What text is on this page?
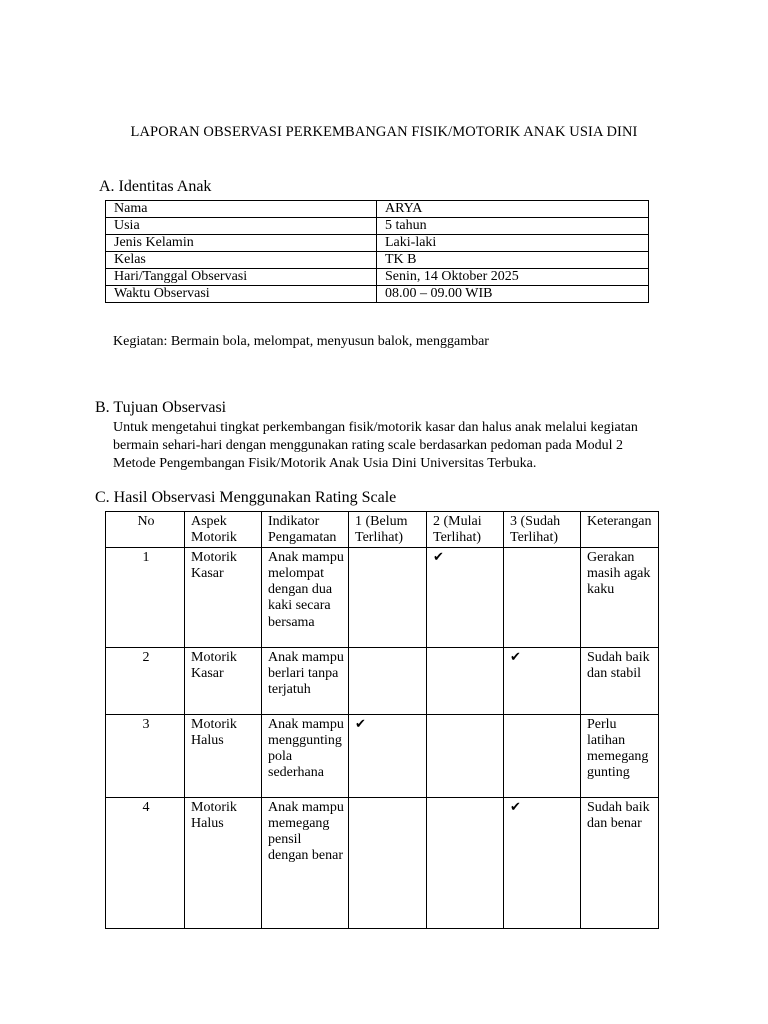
LAPORAN OBSERVASI PERKEMBANGAN FISIK/MOTORIK ANAK USIA DINI
A. Identitas Anak
Nama	ARYA
Usia	5 tahun
Jenis Kelamin	Laki-laki
Kelas	TK B
Hari/Tanggal Observasi	Senin, 14 Oktober 2025
Waktu Observasi	08.00 – 09.00 WIB
Kegiatan: Bermain bola, melompat, menyusun balok, menggambar
B. Tujuan Observasi
Untuk mengetahui tingkat perkembangan fisik/motorik kasar dan halus anak melalui kegiatan bermain sehari-hari dengan menggunakan rating scale berdasarkan pedoman pada Modul 2 Metode Pengembangan Fisik/Motorik Anak Usia Dini Universitas Terbuka.
C. Hasil Observasi Menggunakan Rating Scale
No	Aspek Motorik	Indikator Pengamatan	1 (Belum Terlihat)	2 (Mulai Terlihat)	3 (Sudah Terlihat)	Keterangan
1	Motorik Kasar	Anak mampu melompat dengan dua kaki secara bersama		✔		Gerakan masih agak kaku
2	Motorik Kasar	Anak mampu berlari tanpa terjatuh			✔	Sudah baik dan stabil
3	Motorik Halus	Anak mampu menggunting pola sederhana	✔			Perlu latihan memegang gunting
4	Motorik Halus	Anak mampu memegang pensil dengan benar			✔	Sudah baik dan benar
